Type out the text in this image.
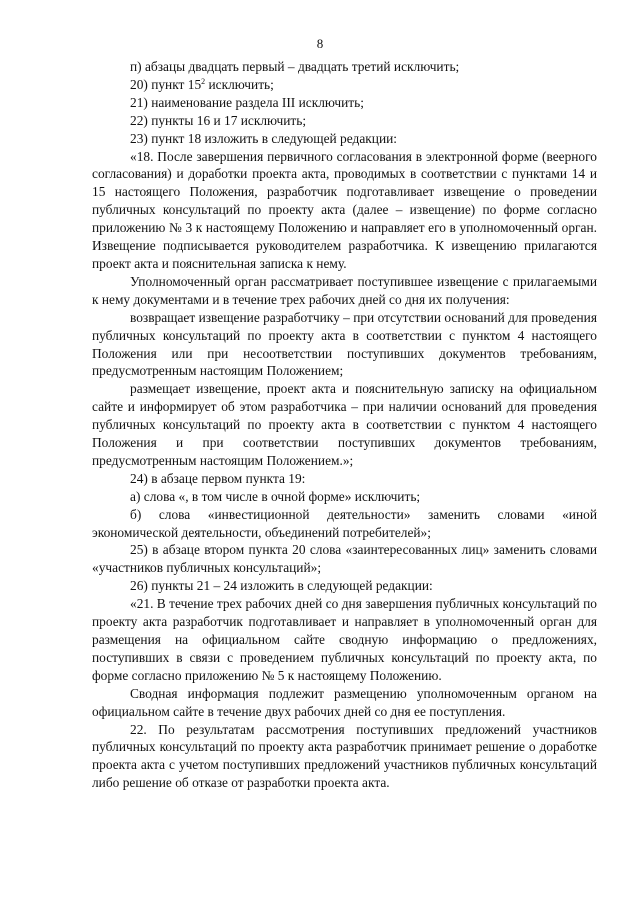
8

п) абзацы двадцать первый – двадцать третий исключить;

20) пункт $15^2$ исключить;

21) наименование раздела III исключить;

22) пункты 16 и 17 исключить;

23) пункт 18 изложить в следующей редакции:

«18. После завершения первичного согласования в электронной форме (веерного согласования) и доработки проекта акта, проводимых в соответствии с пунктами 14 и 15 настоящего Положения, разработчик подготавливает извещение о проведении публичных консультаций по проекту акта (далее – извещение) по форме согласно приложению № 3 к настоящему Положению и направляет его в уполномоченный орган. Извещение подписывается руководителем разработчика. К извещению прилагаются проект акта и пояснительная записка к нему.

Уполномоченный орган рассматривает поступившее извещение с прилагаемыми к нему документами и в течение трех рабочих дней со дня их получения:

возвращает извещение разработчику – при отсутствии оснований для проведения публичных консультаций по проекту акта в соответствии с пунктом 4 настоящего Положения или при несоответствии поступивших документов требованиям, предусмотренным настоящим Положением;

размещает извещение, проект акта и пояснительную записку на официальном сайте и информирует об этом разработчика – при наличии оснований для проведения публичных консультаций по проекту акта в соответствии с пунктом 4 настоящего Положения и при соответствии поступивших документов требованиям, предусмотренным настоящим Положением.»;

24) в абзаце первом пункта 19:

а) слова «, в том числе в очной форме» исключить;

б) слова «инвестиционной деятельности» заменить словами «иной экономической деятельности, объединений потребителей»;

25) в абзаце втором пункта 20 слова «заинтересованных лиц» заменить словами «участников публичных консультаций»;

26) пункты 21 – 24 изложить в следующей редакции:

«21. В течение трех рабочих дней со дня завершения публичных консультаций по проекту акта разработчик подготавливает и направляет в уполномоченный орган для размещения на официальном сайте сводную информацию о предложениях, поступивших в связи с проведением публичных консультаций по проекту акта, по форме согласно приложению № 5 к настоящему Положению.

Сводная информация подлежит размещению уполномоченным органом на официальном сайте в течение двух рабочих дней со дня ее поступления.

22. По результатам рассмотрения поступивших предложений участников публичных консультаций по проекту акта разработчик принимает решение о доработке проекта акта с учетом поступивших предложений участников публичных консультаций либо решение об отказе от разработки проекта акта.
